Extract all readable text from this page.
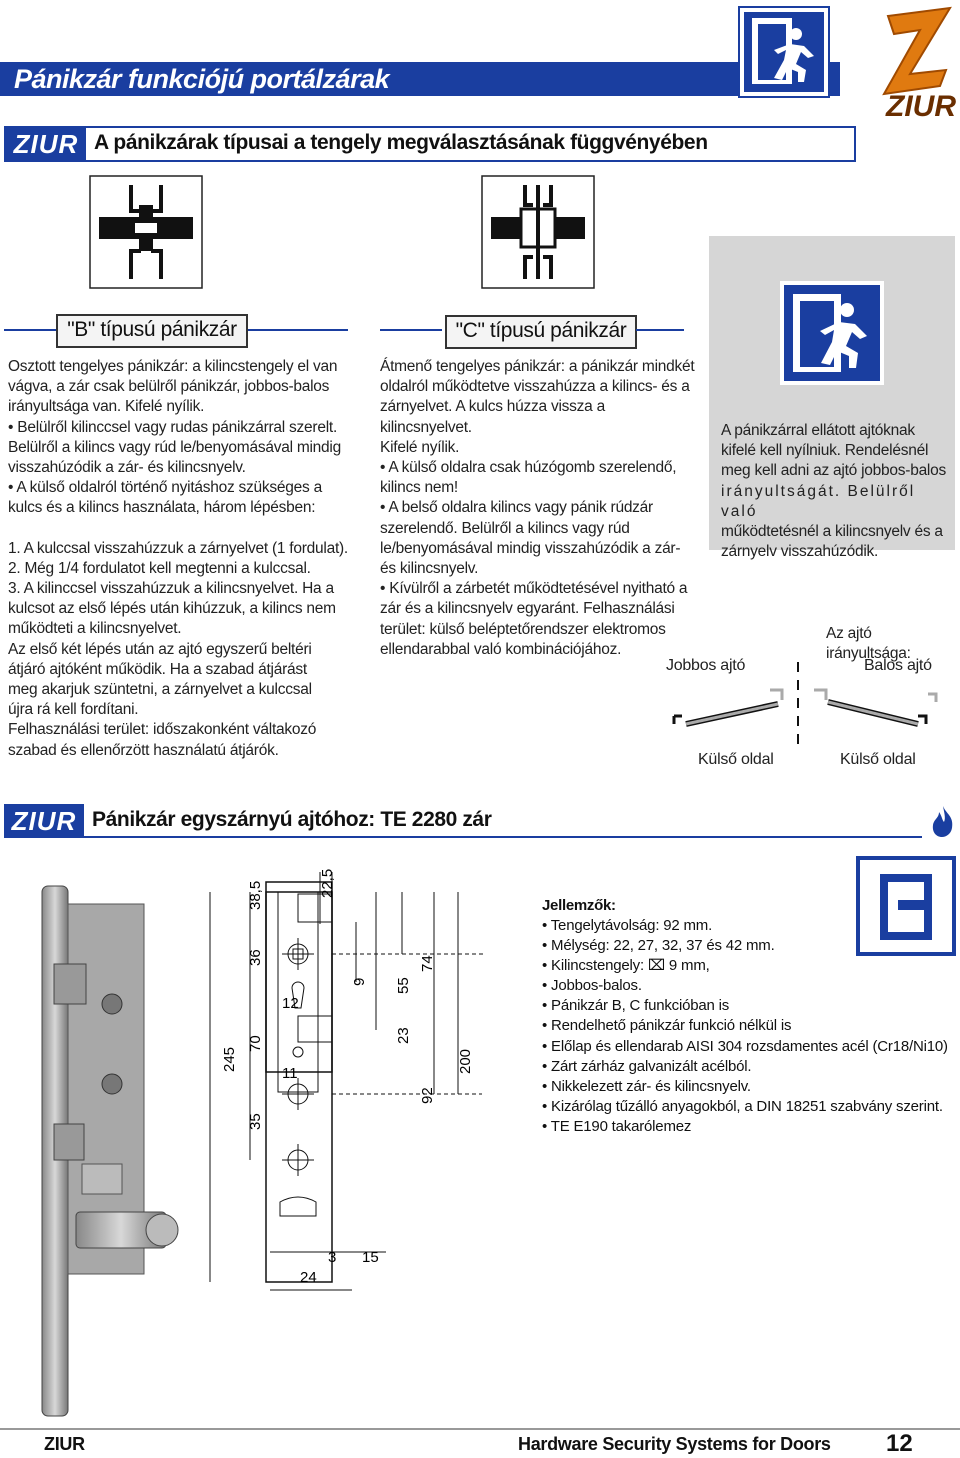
Pánikzár funkciójú portálzárak
ZIUR
ZIUR A pánikzárak típusai a tengely megválasztásának függvényében
"B" típusú pánikzár	"C" típusú pánikzár

Osztott tengelyes pánikzár: a kilincstengely el van

vágva, a zár csak belülről pánikzár, jobbos-balos

irányultsága van. Kifelé nyílik.

• Belülről kilinccsel vagy rudas pánikzárral szerelt.

Belülről a kilincs vagy rúd le/benyomásával mindig

visszahúzódik a zár- és kilincsnyelv.

• A külső oldalról történő nyitáshoz szükséges a

kulcs és a kilincs használata, három lépésben:

1. A kulccsal visszahúzzuk a zárnyelvet (1 fordulat).

2. Még 1/4 fordulatot kell megtenni a kulccsal.

3. A kilinccsel visszahúzzuk a kilincsnyelvet. Ha a

kulcsot az első lépés után kihúzzuk, a kilincs nem

működteti a kilincsnyelvet.

Az első két lépés után az ajtó egyszerű beltéri

átjáró ajtóként működik. Ha a szabad átjárást

meg akarjuk szüntetni, a zárnyelvet a kulccsal

újra rá kell fordítani.

Felhasználási terület: időszakonként váltakozó

szabad és ellenőrzött használatú átjárók.

Átmenő tengelyes pánikzár: a pánikzár mindkét

oldalról működtetve visszahúzza a kilincs- és a

zárnyelvet. A kulcs húzza vissza a kilincsnyelvet.

Kifelé nyílik.

• A külső oldalra csak húzógomb szerelendő,

kilincs nem!

• A belső oldalra kilincs vagy pánik rúdzár

szerelendő. Belülről a kilincs vagy rúd

le/benyomásával mindig visszahúzódik a zár-

és kilincsnyelv.

• Kívülről a zárbetét működtetésével nyitható a

zár és a kilincsnyelv egyaránt. Felhasználási

terület: külső beléptetőrendszer elektromos

ellendarabbal való kombinációjához.

A pánikzárral ellátott ajtóknak

kifelé kell nyílniuk. Rendelésnél

meg kell adni az ajtó jobbos-balos

irányultságát. Belülről való

működtetésnél a kilincsnyelv és a

zárnyelv visszahúzódik.

Az ajtó irányultsága:
Jobbos ajtó	Balos ajtó
Külső oldal	Külső oldal
ZIUR Pánikzár egyszárnyú ajtóhoz: TE 2280 zár
38,5	22,5
36
12
9 55
74
70	23
11
245
35
92
200
3 15
24
Jellemzők:
• Tengelytávolság: 92 mm.
• Mélység: 22, 27, 32, 37 és 42 mm.
• Kilincstengely: ⌧ 9 mm,
• Jobbos-balos.
• Pánikzár B, C funkcióban is
• Rendelhető pánikzár funkció nélkül is
• Előlap és ellendarab AISI 304 rozsdamentes acél (Cr18/Ni10)
• Zárt zárház galvanizált acélból.
• Nikkelezett zár- és kilincsnyelv.
• Kizárólag tűzálló anyagokból, a DIN 18251 szabvány szerint.
• TE E190 takarólemez
ZIUR	Hardware Security Systems for Doors 12
